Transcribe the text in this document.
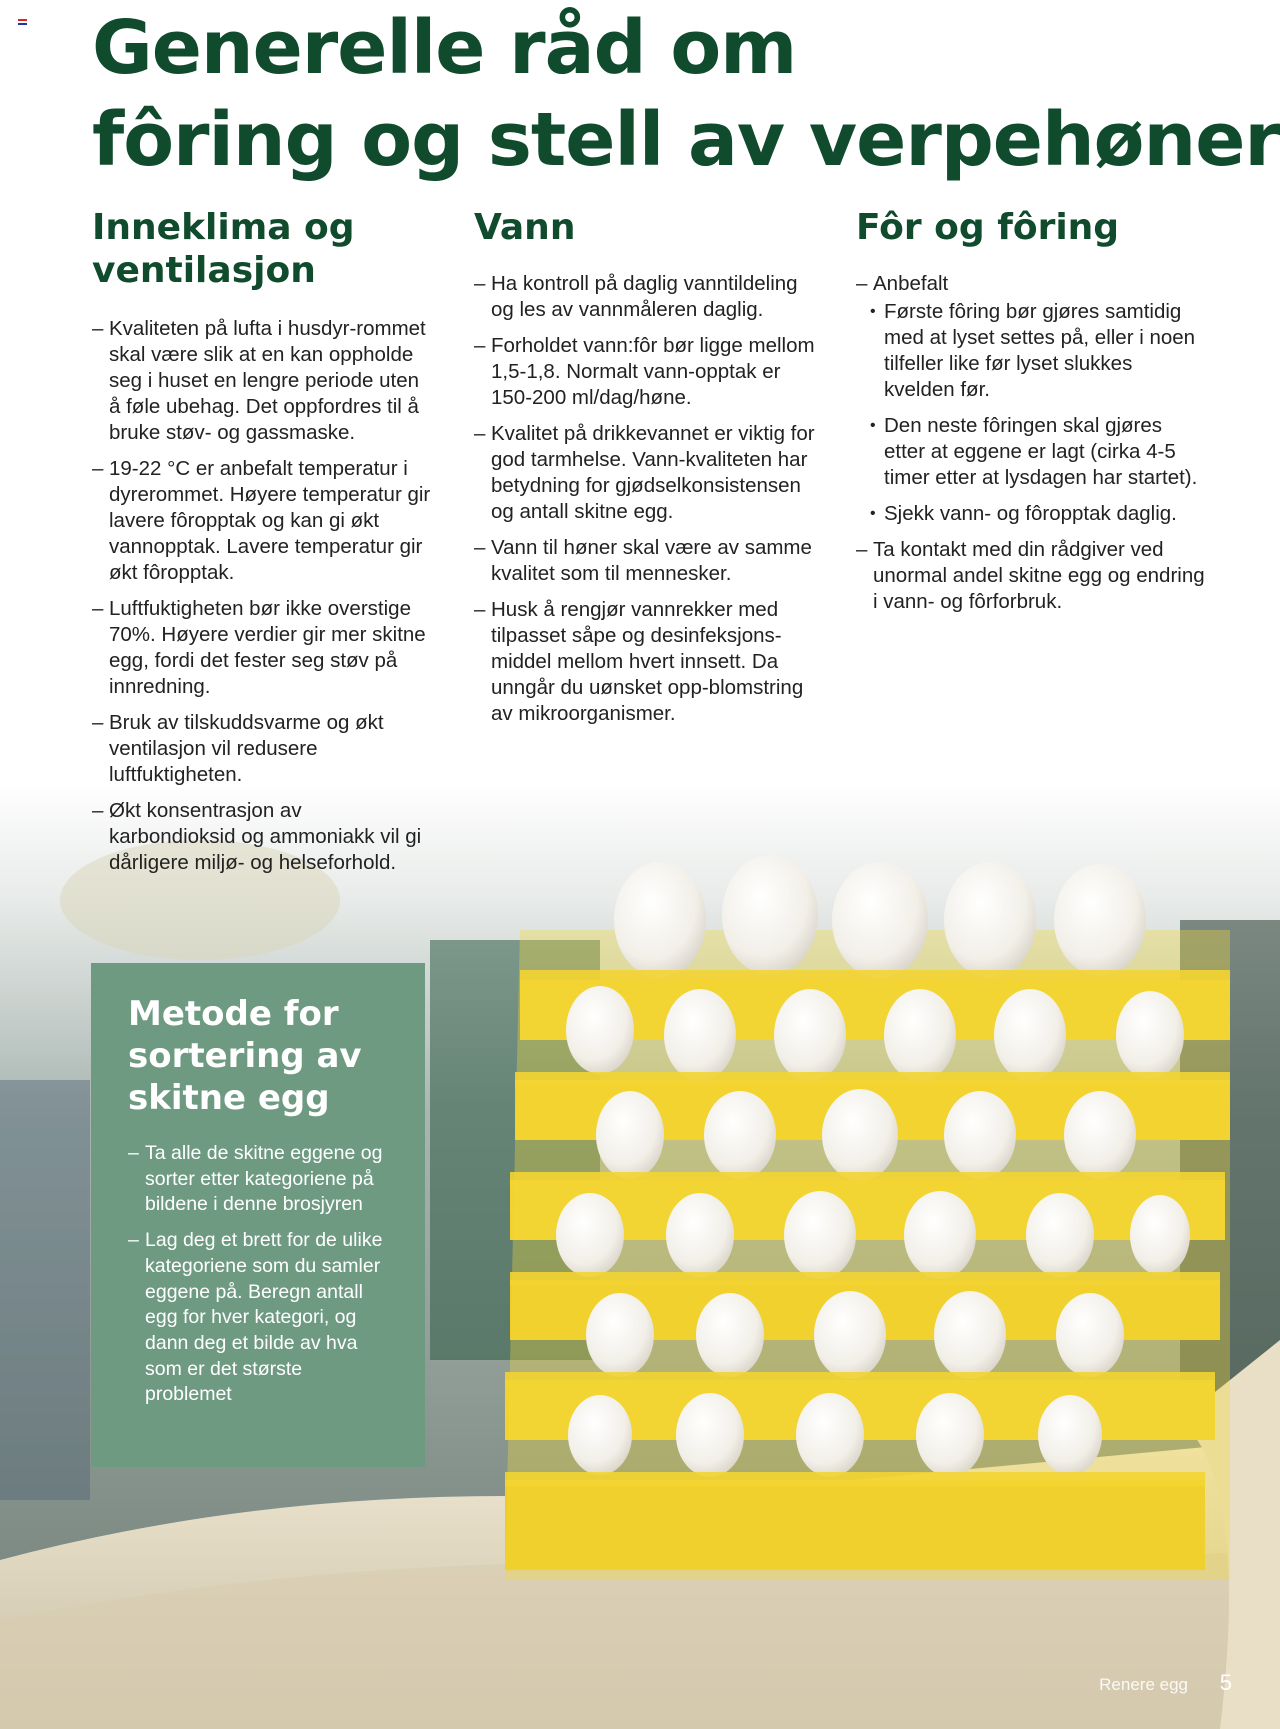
Generelle råd om
fôring og stell av verpehøner
Inneklima og
ventilasjon
– Kvaliteten på lufta i husdyr-rommet skal være slik at en kan oppholde seg i huset en lengre periode uten å føle ubehag. Det oppfordres til å bruke støv- og gassmaske.
– 19-22 °C er anbefalt temperatur i dyrerommet. Høyere temperatur gir lavere fôropptak og kan gi økt vannopptak. Lavere temperatur gir økt fôropptak.
– Luftfuktigheten bør ikke overstige 70%. Høyere verdier gir mer skitne egg, fordi det fester seg støv på innredning.
– Bruk av tilskuddsvarme og økt ventilasjon vil redusere luftfuktigheten.
– Økt konsentrasjon av karbondioksid og ammoniakk vil gi dårligere miljø- og helseforhold.
Vann
– Ha kontroll på daglig vanntildeling og les av vannmåleren daglig.
– Forholdet vann:fôr bør ligge mellom 1,5-1,8. Normalt vann-opptak er 150-200 ml/dag/høne.
– Kvalitet på drikkevannet er viktig for god tarmhelse. Vann-kvaliteten har betydning for gjødselkonsistensen og antall skitne egg.
– Vann til høner skal være av samme kvalitet som til mennesker.
– Husk å rengjør vannrekker med tilpasset såpe og desinfeksjons-middel mellom hvert innsett. Da unngår du uønsket opp-blomstring av mikroorganismer.
Fôr og fôring
– Anbefalt
• Første fôring bør gjøres samtidig med at lyset settes på, eller i noen tilfeller like før lyset slukkes kvelden før.
• Den neste fôringen skal gjøres etter at eggene er lagt (cirka 4-5 timer etter at lysdagen har startet).
• Sjekk vann- og fôropptak daglig.
– Ta kontakt med din rådgiver ved unormal andel skitne egg og endring i vann- og fôrforbruk.
Metode for
sortering av
skitne egg
– Ta alle de skitne eggene og sorter etter kategoriene på bildene i denne brosjyren
– Lag deg et brett for de ulike kategoriene som du samler eggene på. Beregn antall egg for hver kategori, og dann deg et bilde av hva som er det største problemet
Renere egg 5
